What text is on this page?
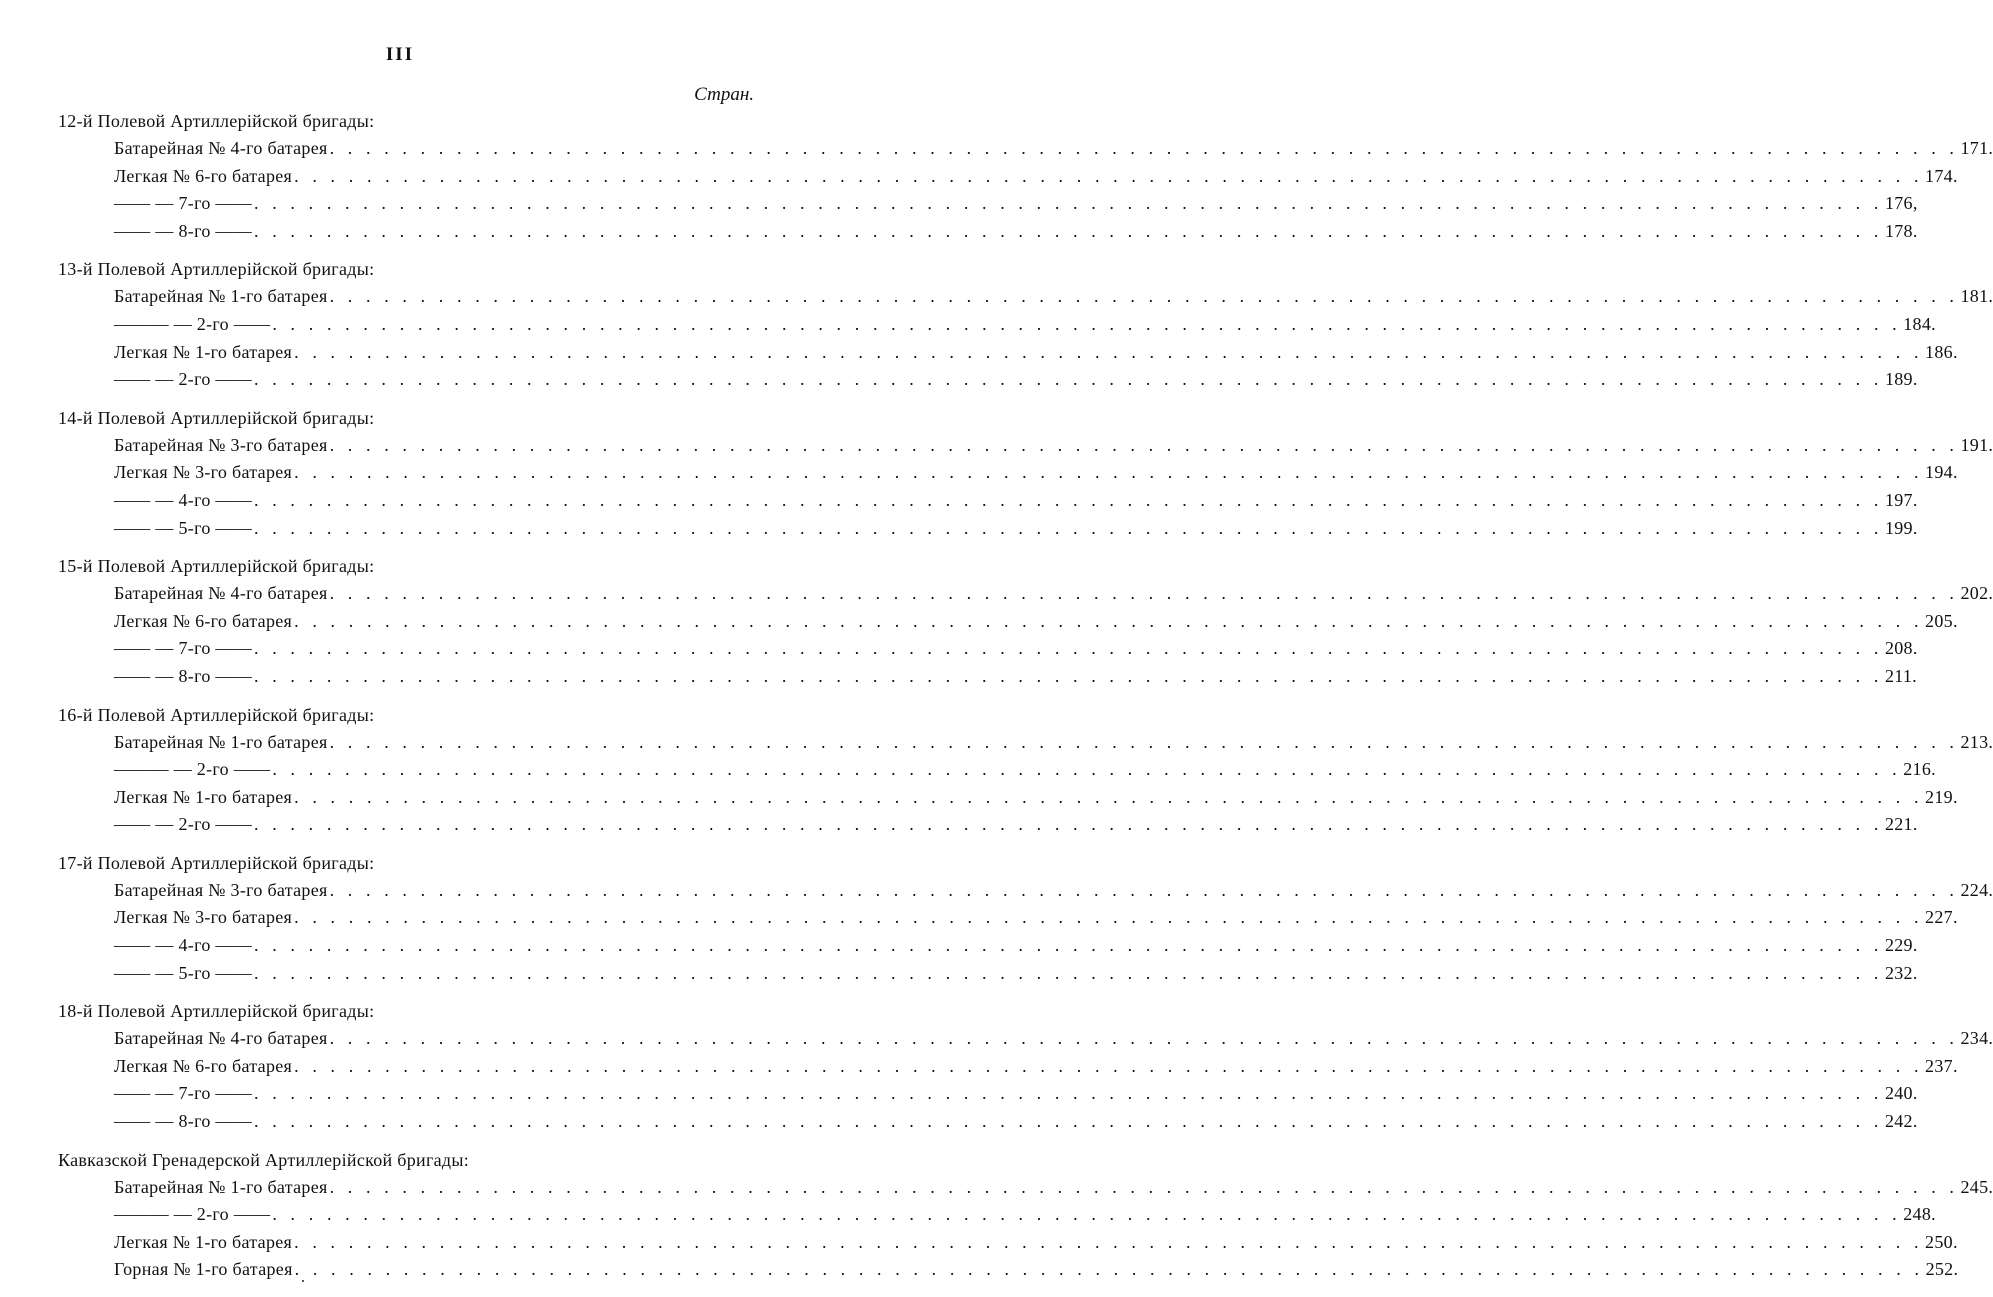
III
Стран.
12-й Полевой Артиллерійской бригады:
Батарейная № 4-го батарея . . . . . . . . . . . . . . . . . . . . . . . . . . . . . . . . . . . . . . . . . . . . . . . . . . . . . . . . . . . . . . . . . . . . . . . . . . . . . . . . . . . . . . . . . . 171.
Легкая № 6-го батарея . . . . . . . . . . . . . . . . . . . . . . . . . . . . . . . . . . . . . . . . . . . . . . . . . . . . . . . . . . . . . . . . . . . . . . . . . . . . . . . . . . . . . . . . . . 174.
—— — 7-го —— . . . . . . . . . . . . . . . . . . . . . . . . . . . . . . . . . . . . . . . . . . . . . . . . . . . . . . . . . . . . . . . . . . . . . . . . . . . . . . . . . . . . . . . . . . 176,
—— — 8-го —— . . . . . . . . . . . . . . . . . . . . . . . . . . . . . . . . . . . . . . . . . . . . . . . . . . . . . . . . . . . . . . . . . . . . . . . . . . . . . . . . . . . . . . . . . . 178.
13-й Полевой Артиллерійской бригады:
Батарейная № 1-го батарея . . . . . . . . . . . . . . . . . . . . . . . . . . . . . . . . . . . . . . . . . . . . . . . . . . . . . . . . . . . . . . . . . . . . . . . . . . . . . . . . . . . . . . . . . . 181.
——— — 2-го —— . . . . . . . . . . . . . . . . . . . . . . . . . . . . . . . . . . . . . . . . . . . . . . . . . . . . . . . . . . . . . . . . . . . . . . . . . . . . . . . . . . . . . . . . . . 184.
Легкая № 1-го батарея . . . . . . . . . . . . . . . . . . . . . . . . . . . . . . . . . . . . . . . . . . . . . . . . . . . . . . . . . . . . . . . . . . . . . . . . . . . . . . . . . . . . . . . . . . 186.
—— — 2-го —— . . . . . . . . . . . . . . . . . . . . . . . . . . . . . . . . . . . . . . . . . . . . . . . . . . . . . . . . . . . . . . . . . . . . . . . . . . . . . . . . . . . . . . . . . . 189.
14-й Полевой Артиллерійской бригады:
Батарейная № 3-го батарея . . . . . . . . . . . . . . . . . . . . . . . . . . . . . . . . . . . . . . . . . . . . . . . . . . . . . . . . . . . . . . . . . . . . . . . . . . . . . . . . . . . . . . . . . . 191.
Легкая № 3-го батарея . . . . . . . . . . . . . . . . . . . . . . . . . . . . . . . . . . . . . . . . . . . . . . . . . . . . . . . . . . . . . . . . . . . . . . . . . . . . . . . . . . . . . . . . . . 194.
—— — 4-го —— . . . . . . . . . . . . . . . . . . . . . . . . . . . . . . . . . . . . . . . . . . . . . . . . . . . . . . . . . . . . . . . . . . . . . . . . . . . . . . . . . . . . . . . . . . 197.
—— — 5-го —— . . . . . . . . . . . . . . . . . . . . . . . . . . . . . . . . . . . . . . . . . . . . . . . . . . . . . . . . . . . . . . . . . . . . . . . . . . . . . . . . . . . . . . . . . . 199.
15-й Полевой Артиллерійской бригады:
Батарейная № 4-го батарея . . . . . . . . . . . . . . . . . . . . . . . . . . . . . . . . . . . . . . . . . . . . . . . . . . . . . . . . . . . . . . . . . . . . . . . . . . . . . . . . . . . . . . . . . . 202.
Легкая № 6-го батарея . . . . . . . . . . . . . . . . . . . . . . . . . . . . . . . . . . . . . . . . . . . . . . . . . . . . . . . . . . . . . . . . . . . . . . . . . . . . . . . . . . . . . . . . . . 205.
—— — 7-го —— . . . . . . . . . . . . . . . . . . . . . . . . . . . . . . . . . . . . . . . . . . . . . . . . . . . . . . . . . . . . . . . . . . . . . . . . . . . . . . . . . . . . . . . . . . 208.
—— — 8-го —— . . . . . . . . . . . . . . . . . . . . . . . . . . . . . . . . . . . . . . . . . . . . . . . . . . . . . . . . . . . . . . . . . . . . . . . . . . . . . . . . . . . . . . . . . . 211.
16-й Полевой Артиллерійской бригады:
Батарейная № 1-го батарея . . . . . . . . . . . . . . . . . . . . . . . . . . . . . . . . . . . . . . . . . . . . . . . . . . . . . . . . . . . . . . . . . . . . . . . . . . . . . . . . . . . . . . . . . . 213.
——— — 2-го —— . . . . . . . . . . . . . . . . . . . . . . . . . . . . . . . . . . . . . . . . . . . . . . . . . . . . . . . . . . . . . . . . . . . . . . . . . . . . . . . . . . . . . . . . . . 216.
Легкая № 1-го батарея . . . . . . . . . . . . . . . . . . . . . . . . . . . . . . . . . . . . . . . . . . . . . . . . . . . . . . . . . . . . . . . . . . . . . . . . . . . . . . . . . . . . . . . . . . 219.
—— — 2-го —— . . . . . . . . . . . . . . . . . . . . . . . . . . . . . . . . . . . . . . . . . . . . . . . . . . . . . . . . . . . . . . . . . . . . . . . . . . . . . . . . . . . . . . . . . . 221.
17-й Полевой Артиллерійской бригады:
Батарейная № 3-го батарея . . . . . . . . . . . . . . . . . . . . . . . . . . . . . . . . . . . . . . . . . . . . . . . . . . . . . . . . . . . . . . . . . . . . . . . . . . . . . . . . . . . . . . . . . . 224.
Легкая № 3-го батарея . . . . . . . . . . . . . . . . . . . . . . . . . . . . . . . . . . . . . . . . . . . . . . . . . . . . . . . . . . . . . . . . . . . . . . . . . . . . . . . . . . . . . . . . . . 227.
—— — 4-го —— . . . . . . . . . . . . . . . . . . . . . . . . . . . . . . . . . . . . . . . . . . . . . . . . . . . . . . . . . . . . . . . . . . . . . . . . . . . . . . . . . . . . . . . . . . 229.
—— — 5-го —— . . . . . . . . . . . . . . . . . . . . . . . . . . . . . . . . . . . . . . . . . . . . . . . . . . . . . . . . . . . . . . . . . . . . . . . . . . . . . . . . . . . . . . . . . . 232.
18-й Полевой Артиллерійской бригады:
Батарейная № 4-го батарея . . . . . . . . . . . . . . . . . . . . . . . . . . . . . . . . . . . . . . . . . . . . . . . . . . . . . . . . . . . . . . . . . . . . . . . . . . . . . . . . . . . . . . . . . . 234.
Легкая № 6-го батарея . . . . . . . . . . . . . . . . . . . . . . . . . . . . . . . . . . . . . . . . . . . . . . . . . . . . . . . . . . . . . . . . . . . . . . . . . . . . . . . . . . . . . . . . . . 237.
—— — 7-го —— . . . . . . . . . . . . . . . . . . . . . . . . . . . . . . . . . . . . . . . . . . . . . . . . . . . . . . . . . . . . . . . . . . . . . . . . . . . . . . . . . . . . . . . . . . 240.
—— — 8-го —— . . . . . . . . . . . . . . . . . . . . . . . . . . . . . . . . . . . . . . . . . . . . . . . . . . . . . . . . . . . . . . . . . . . . . . . . . . . . . . . . . . . . . . . . . . 242.
Кавказской Гренадерской Артиллерійской бригады:
Батарейная № 1-го батарея . . . . . . . . . . . . . . . . . . . . . . . . . . . . . . . . . . . . . . . . . . . . . . . . . . . . . . . . . . . . . . . . . . . . . . . . . . . . . . . . . . . . . . . . . . 245.
——— — 2-го —— . . . . . . . . . . . . . . . . . . . . . . . . . . . . . . . . . . . . . . . . . . . . . . . . . . . . . . . . . . . . . . . . . . . . . . . . . . . . . . . . . . . . . . . . . . 248.
Легкая № 1-го батарея . . . . . . . . . . . . . . . . . . . . . . . . . . . . . . . . . . . . . . . . . . . . . . . . . . . . . . . . . . . . . . . . . . . . . . . . . . . . . . . . . . . . . . . . . . 250.
Горная № 1-го батарея . . . . . . . . . . . . . . . . . . . . . . . . . . . . . . . . . . . . . . . . . . . . . . . . . . . . . . . . . . . . . . . . . . . . . . . . . . . . . . . . . . . . . . . . . . 252.
